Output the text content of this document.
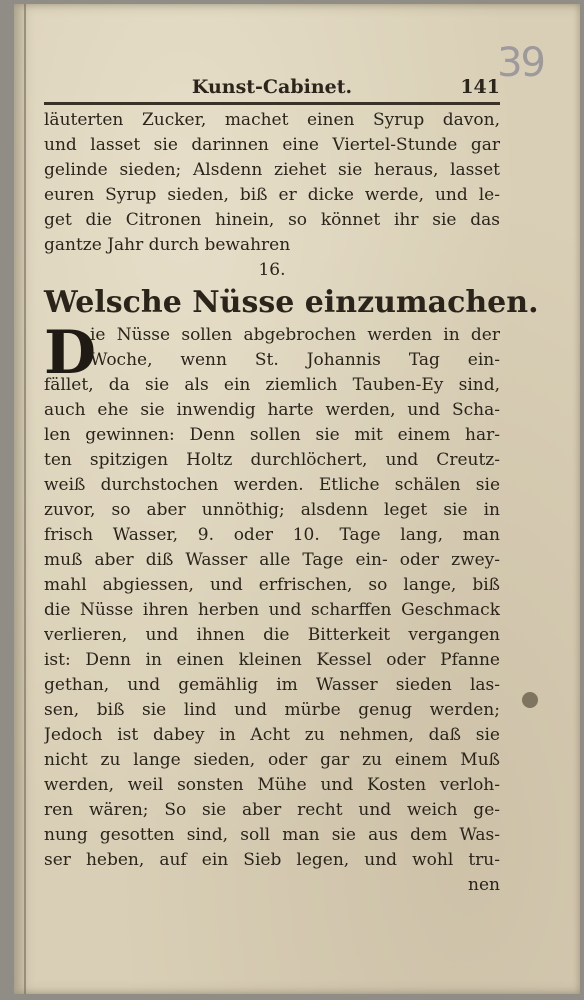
39
Kunst-Cabinet.	141
läuterten Zucker, machet einen Syrup davon,
und lasset sie darinnen eine Viertel-Stunde gar
gelinde sieden; Alsdenn ziehet sie heraus, lasset
euren Syrup sieden, biß er dicke werde, und le-
get die Citronen hinein, so könnet ihr sie das
gantze Jahr durch bewahren
16.
Welsche Nüsse einzumachen.
D
ie Nüsse sollen abgebrochen werden in der
Woche, wenn St. Johannis Tag ein-
fället, da sie als ein ziemlich Tauben-Ey sind,
auch ehe sie inwendig harte werden, und Scha-
len gewinnen: Denn sollen sie mit einem har-
ten spitzigen Holtz durchlöchert, und Creutz-
weiß durchstochen werden. Etliche schälen sie
zuvor, so aber unnöthig; alsdenn leget sie in
frisch Wasser, 9. oder 10. Tage lang, man
muß aber diß Wasser alle Tage ein- oder zwey-
mahl abgiessen, und erfrischen, so lange, biß
die Nüsse ihren herben und scharffen Geschmack
verlieren, und ihnen die Bitterkeit vergangen
ist: Denn in einen kleinen Kessel oder Pfanne
gethan, und gemählig im Wasser sieden las-
sen, biß sie lind und mürbe genug werden;
Jedoch ist dabey in Acht zu nehmen, daß sie
nicht zu lange sieden, oder gar zu einem Muß
werden, weil sonsten Mühe und Kosten verloh-
ren wären; So sie aber recht und weich ge-
nung gesotten sind, soll man sie aus dem Was-
ser heben, auf ein Sieb legen, und wohl tru-
nen
